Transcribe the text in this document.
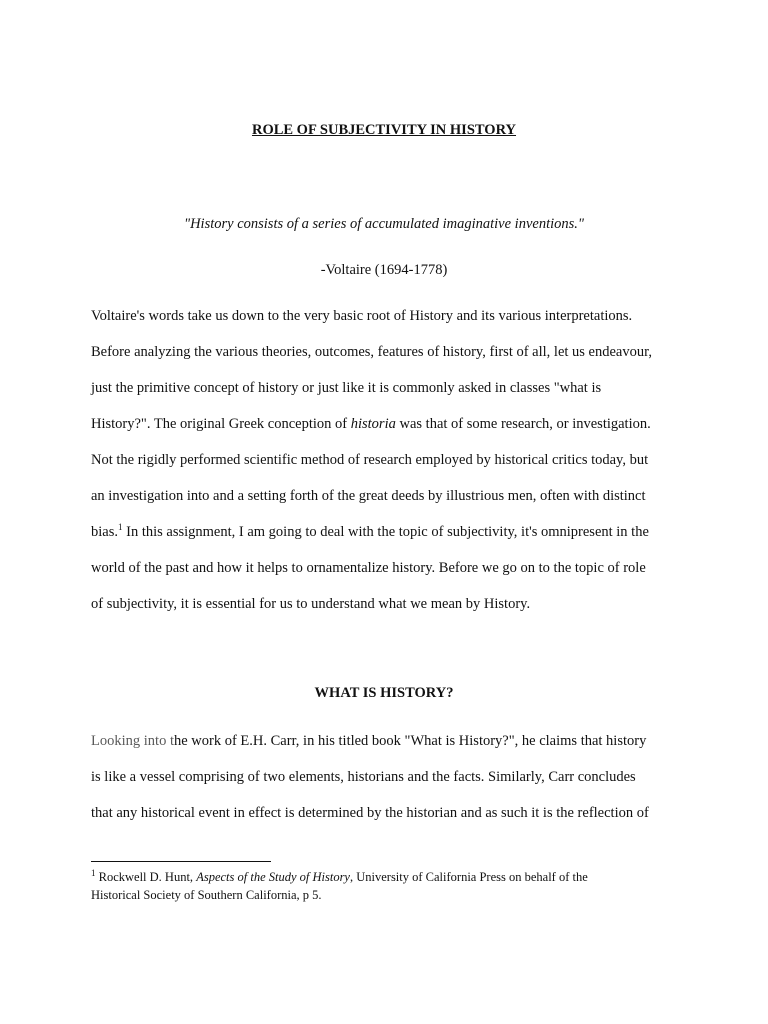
ROLE OF SUBJECTIVITY IN HISTORY

"History consists of a series of accumulated imaginative inventions."

-Voltaire (1694-1778)

Voltaire's words take us down to the very basic root of History and its various interpretations.
Before analyzing the various theories, outcomes, features of history, first of all, let us endeavour,
just the primitive concept of history or just like it is commonly asked in classes "what is
History?". The original Greek conception of historia was that of some research, or investigation.
Not the rigidly performed scientific method of research employed by historical critics today, but
an investigation into and a setting forth of the great deeds by illustrious men, often with distinct
bias.$^1$ In this assignment, I am going to deal with the topic of subjectivity, it's omnipresent in the
world of the past and how it helps to ornamentalize history. Before we go on to the topic of role
of subjectivity, it is essential for us to understand what we mean by History.
WHAT IS HISTORY?
Looking into the work of E.H. Carr, in his titled book "What is History?", he claims that history
is like a vessel comprising of two elements, historians and the facts. Similarly, Carr concludes
that any historical event in effect is determined by the historian and as such it is the reflection of
$^1$ Rockwell D. Hunt, Aspects of the Study of History, University of California Press on behalf of the
Historical Society of Southern California, p 5.
